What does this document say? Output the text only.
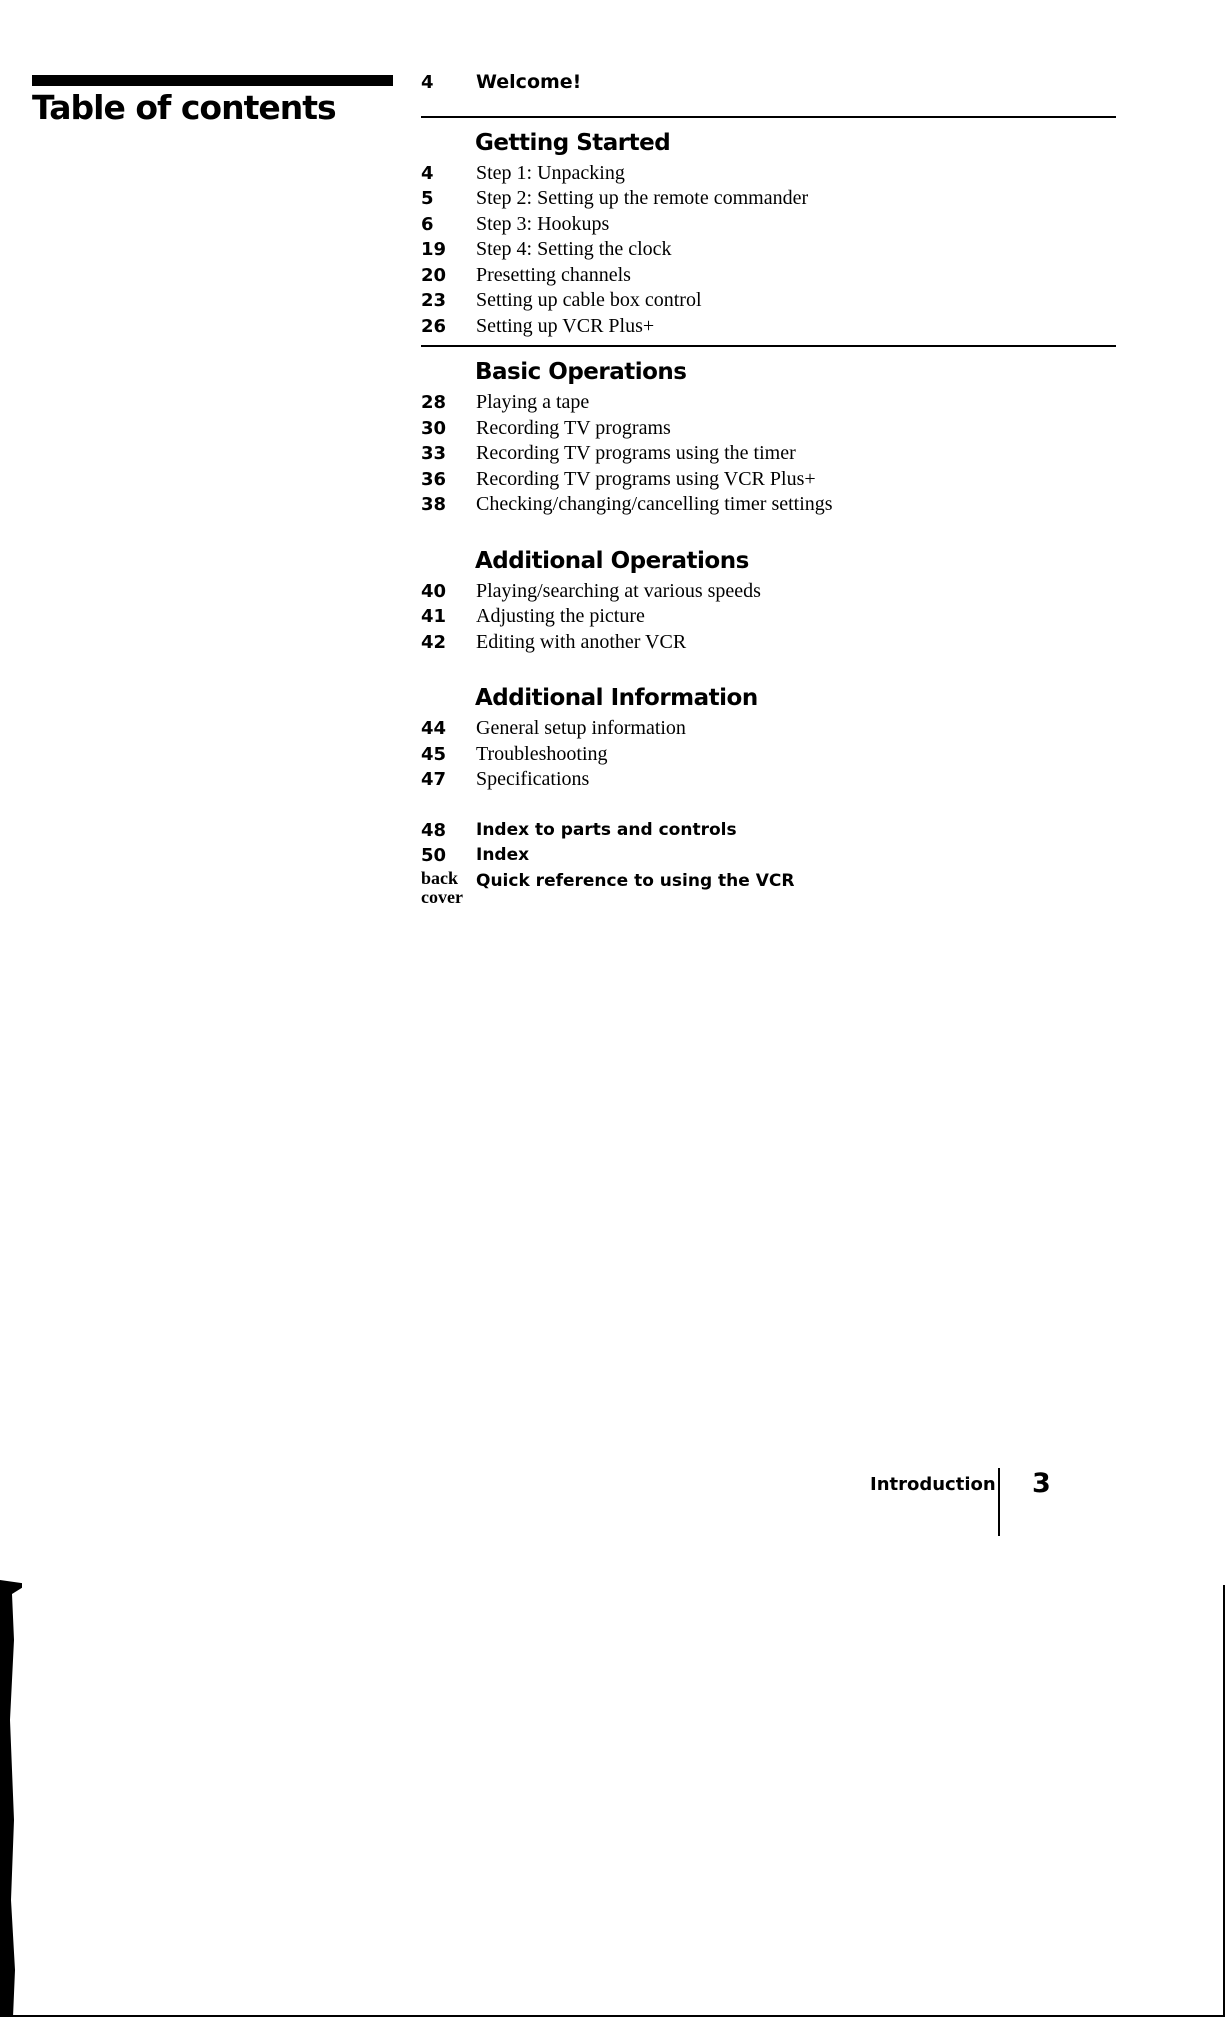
Table of contents
4 Welcome!
Getting Started
4 Step 1: Unpacking
5 Step 2: Setting up the remote commander
6 Step 3: Hookups
19 Step 4: Setting the clock
20 Presetting channels
23 Setting up cable box control
26 Setting up VCR Plus+
Basic Operations
28 Playing a tape
30 Recording TV programs
33 Recording TV programs using the timer
36 Recording TV programs using VCR Plus+
38 Checking/changing/cancelling timer settings
Additional Operations
40 Playing/searching at various speeds
41 Adjusting the picture
42 Editing with another VCR
Additional Information
44 General setup information
45 Troubleshooting
47 Specifications
48 Index to parts and controls
50 Index
back
cover
Quick reference to using the VCR
Introduction 3
